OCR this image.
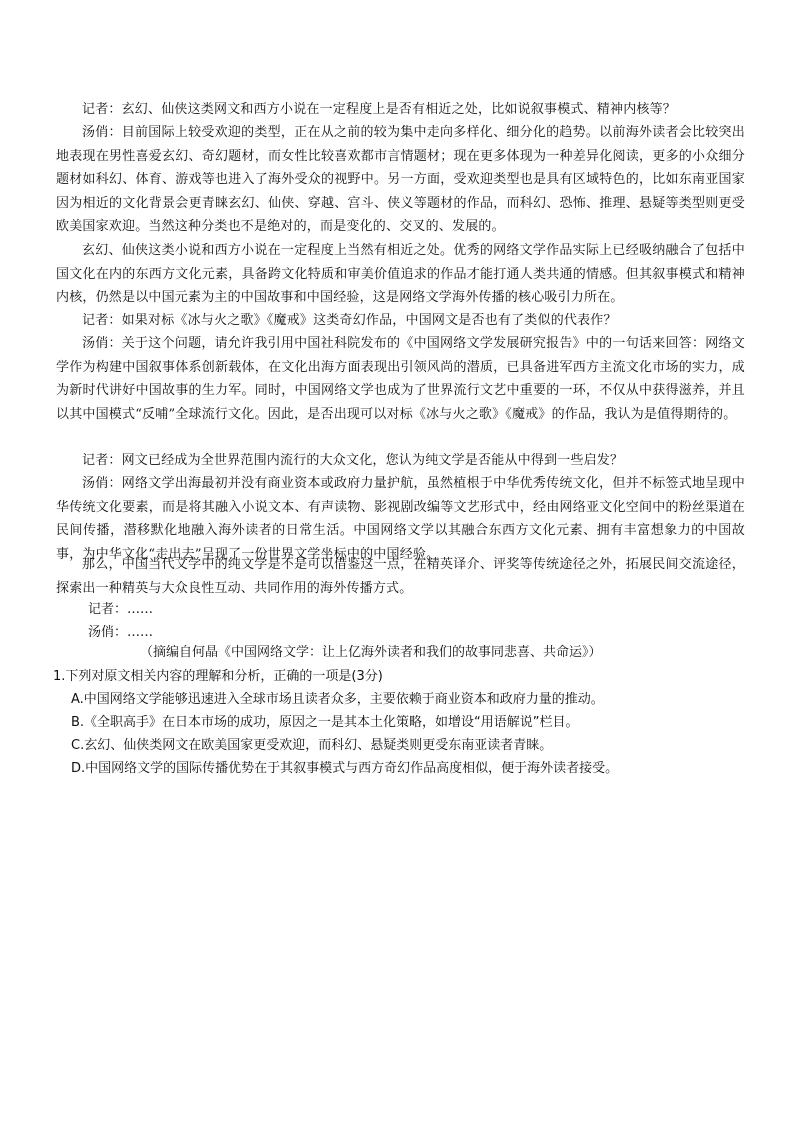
记者：玄幻、仙侠这类网文和西方小说在一定程度上是否有相近之处，比如说叙事模式、精神内核等？

汤俏：目前国际上较受欢迎的类型，正在从之前的较为集中走向多样化、细分化的趋势。以前海外读者会比较突出地表现在男性喜爱玄幻、奇幻题材，而女性比较喜欢都市言情题材；现在更多体现为一种差异化阅读，更多的小众细分题材如科幻、体育、游戏等也进入了海外受众的视野中。另一方面，受欢迎类型也是具有区域特色的，比如东南亚国家因为相近的文化背景会更青睐玄幻、仙侠、穿越、宫斗、侠义等题材的作品，而科幻、恐怖、推理、悬疑等类型则更受欧美国家欢迎。当然这种分类也不是绝对的，而是变化的、交叉的、发展的。

玄幻、仙侠这类小说和西方小说在一定程度上当然有相近之处。优秀的网络文学作品实际上已经吸纳融合了包括中国文化在内的东西方文化元素，具备跨文化特质和审美价值追求的作品才能打通人类共通的情感。但其叙事模式和精神内核，仍然是以中国元素为主的中国故事和中国经验，这是网络文学海外传播的核心吸引力所在。

记者：如果对标《冰与火之歌》《魔戒》这类奇幻作品，中国网文是否也有了类似的代表作？

汤俏：关于这个问题，请允许我引用中国社科院发布的《中国网络文学发展研究报告》中的一句话来回答：网络文学作为构建中国叙事体系创新载体，在文化出海方面表现出引领风尚的潜质，已具备进军西方主流文化市场的实力，成为新时代讲好中国故事的生力军。同时，中国网络文学也成为了世界流行文艺中重要的一环，不仅从中获得滋养，并且以其中国模式“反哺”全球流行文化。因此，是否出现可以对标《冰与火之歌》《魔戒》的作品，我认为是值得期待的。

记者：网文已经成为全世界范围内流行的大众文化，您认为纯文学是否能从中得到一些启发？

汤俏：网络文学出海最初并没有商业资本或政府力量护航，虽然植根于中华优秀传统文化，但并不标签式地呈现中华传统文化要素，而是将其融入小说文本、有声读物、影视剧改编等文艺形式中，经由网络亚文化空间中的粉丝渠道在民间传播，潜移默化地融入海外读者的日常生活。中国网络文学以其融合东西方文化元素、拥有丰富想象力的中国故事，为中华文化“走出去”呈现了一份世界文学坐标中的中国经验。

那么，中国当代文学中的纯文学是不是可以借鉴这一点，在精英译介、评奖等传统途径之外，拓展民间交流途径，探索出一种精英与大众良性互动、共同作用的海外传播方式。

记者：……
汤俏：……
（摘编自何晶《中国网络文学：让上亿海外读者和我们的故事同悲喜、共命运》）
1.下列对原文相关内容的理解和分析，正确的一项是(3分)
A.中国网络文学能够迅速进入全球市场且读者众多，主要依赖于商业资本和政府力量的推动。
B.《全职高手》在日本市场的成功，原因之一是其本土化策略，如增设“用语解说”栏目。
C.玄幻、仙侠类网文在欧美国家更受欢迎，而科幻、悬疑类则更受东南亚读者青睐。
D.中国网络文学的国际传播优势在于其叙事模式与西方奇幻作品高度相似，便于海外读者接受。
